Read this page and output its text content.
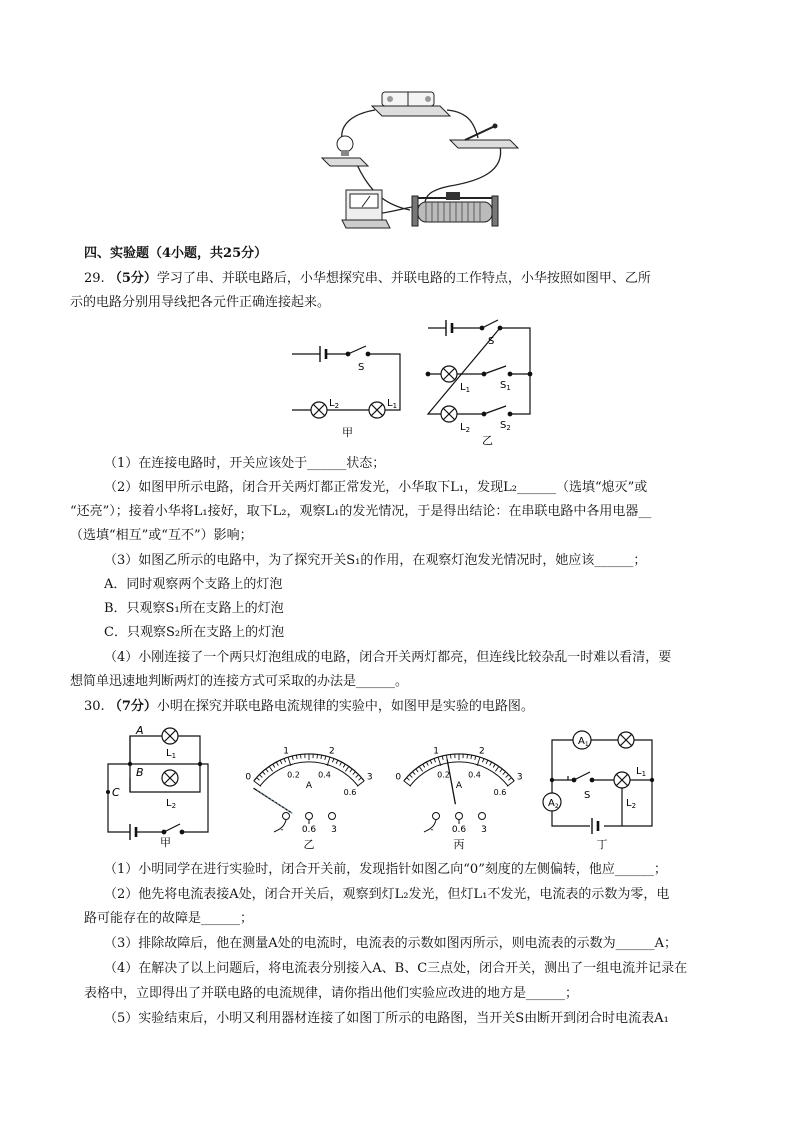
四、实验题（4小题，共25分）
29. （5分）学习了串、并联电路后，小华想探究串、并联电路的工作特点，小华按照如图甲、乙所
示的电路分别用导线把各元件正确连接起来。
S
$L_2$	$L_1$
甲
S
$L_1$	$S_1$
$L_2$	$S_2$
乙
（1）在连接电路时，开关应该处于______状态；
（2）如图甲所示电路，闭合开关两灯都正常发光，小华取下L₁，发现L₂______（选填“熄灭”或
“还亮”）；接着小华将L₁接好，取下L₂，观察L₁的发光情况，于是得出结论：在串联电路中各用电器__
（选填“相互”或“互不”）影响；
（3）如图乙所示的电路中，为了探究开关S₁的作用，在观察灯泡发光情况时，她应该______；
A．同时观察两个支路上的灯泡
B．只观察S₁所在支路上的灯泡
C．只观察S₂所在支路上的灯泡
（4）小刚连接了一个两只灯泡组成的电路，闭合开关两灯都亮，但连线比较杂乱一时难以看清，要
想简单迅速地判断两灯的连接方式可采取的办法是______。
30. （7分）小明在探究并联电路电流规律的实验中，如图甲是实验的电路图。
A
B
C
$L_1$
$L_2$
甲
0
1	2
3
0.2 0.4
0.6
A
- 0.6 3
乙
0
1	2
3
0.2 0.4
0.6
A
- 0.6 3
丙
$A_1$
$L_1$
$L_2$
$A_2$
S
丁
（1）小明同学在进行实验时，闭合开关前，发现指针如图乙向“0”刻度的左侧偏转，他应______；
（2）他先将电流表接A处，闭合开关后，观察到灯L₂发光，但灯L₁不发光，电流表的示数为零，电
路可能存在的故障是______；
（3）排除故障后，他在测量A处的电流时，电流表的示数如图丙所示，则电流表的示数为______A；
（4）在解决了以上问题后，将电流表分别接入A、B、C三点处，闭合开关，测出了一组电流并记录在
表格中，立即得出了并联电路的电流规律，请你指出他们实验应改进的地方是______；
（5）实验结束后，小明又利用器材连接了如图丁所示的电路图，当开关S由断开到闭合时电流表A₁
